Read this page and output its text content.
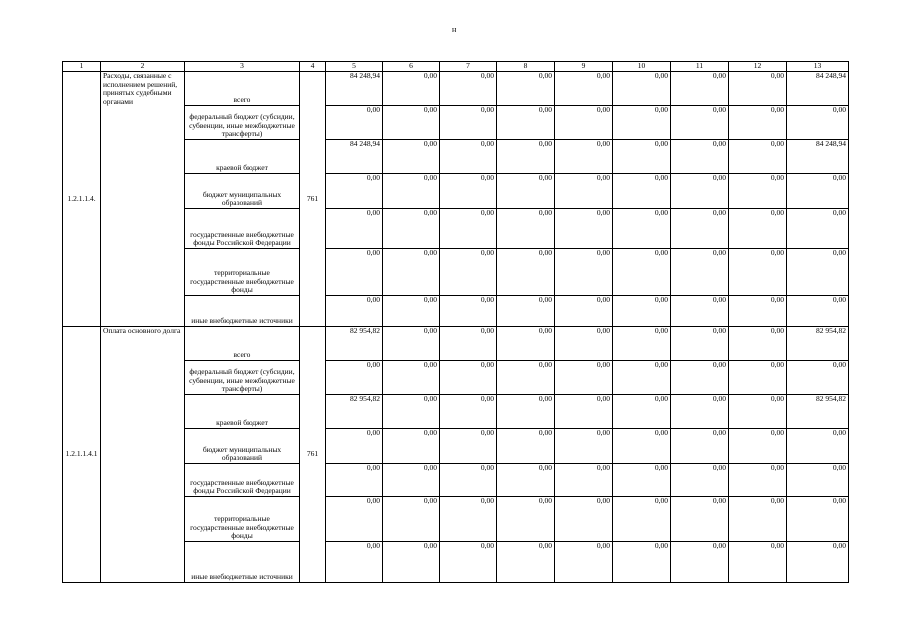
н
1	2	3	4	5	6	7	8	9	10	11	12	13
1.2.1.1.4.	Расходы, связанные с исполнением решений, принятых судебными органами	всего	761	84 248,94	0,00	0,00	0,00	0,00	0,00	0,00	0,00	84 248,94
		федеральный бюджет (субсидии, субвенции, иные межбюджетные трансферты)		0,00	0,00	0,00	0,00	0,00	0,00	0,00	0,00	0,00
		краевой бюджет		84 248,94	0,00	0,00	0,00	0,00	0,00	0,00	0,00	84 248,94
		бюджет муниципальных образований		0,00	0,00	0,00	0,00	0,00	0,00	0,00	0,00	0,00
		государственные внебюджетные фонды Российской Федерации		0,00	0,00	0,00	0,00	0,00	0,00	0,00	0,00	0,00
		территориальные государственные внебюджетные фонды		0,00	0,00	0,00	0,00	0,00	0,00	0,00	0,00	0,00
		иные внебюджетные источники		0,00	0,00	0,00	0,00	0,00	0,00	0,00	0,00	0,00
1.2.1.1.4.1	Оплата основного долга	всего	761	82 954,82	0,00	0,00	0,00	0,00	0,00	0,00	0,00	82 954,82
		федеральный бюджет (субсидии, субвенции, иные межбюджетные трансферты)		0,00	0,00	0,00	0,00	0,00	0,00	0,00	0,00	0,00
		краевой бюджет		82 954,82	0,00	0,00	0,00	0,00	0,00	0,00	0,00	82 954,82
		бюджет муниципальных образований		0,00	0,00	0,00	0,00	0,00	0,00	0,00	0,00	0,00
		государственные внебюджетные фонды Российской Федерации		0,00	0,00	0,00	0,00	0,00	0,00	0,00	0,00	0,00
		территориальные государственные внебюджетные фонды		0,00	0,00	0,00	0,00	0,00	0,00	0,00	0,00	0,00
		иные внебюджетные источники		0,00	0,00	0,00	0,00	0,00	0,00	0,00	0,00	0,00
